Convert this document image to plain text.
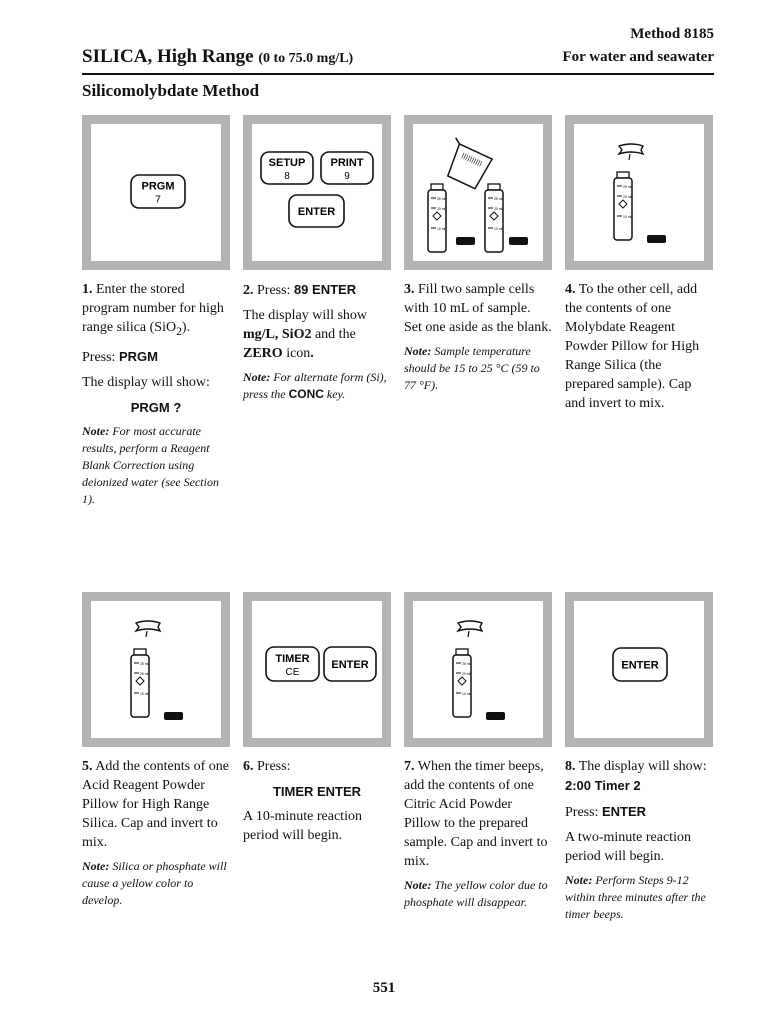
Method 8185
SILICA, High Range (0 to 75.0 mg/L)	For water and seawater
Silicomolybdate Method
PRGM
7

1. Enter the stored program number for high range silica (SiO$_2$).

Press: PRGM

The display will show:

PRGM ?

Note: For most accurate results, perform a Reagent Blank Correction using deionized water (see Section 1).

SETUP
8
PRINT
9
ENTER

2. Press: 89 ENTER

The display will show mg/L, SiO2 and the ZERO icon.

Note: For alternate form (Si), press the CONC key.

25 mL
20 mL
10 mL
25 mL
20 mL
10 mL

3. Fill two sample cells with 10 mL of sample. Set one aside as the blank.

Note: Sample temperature should be 15 to 25 °C (59 to 77 °F).

25 mL
20 mL
10 mL

4. To the other cell, add the contents of one Molybdate Reagent Powder Pillow for High Range Silica (the prepared sample). Cap and invert to mix.

25 mL
20 mL
10 mL

5. Add the contents of one Acid Reagent Powder Pillow for High Range Silica. Cap and invert to mix.

Note: Silica or phosphate will cause a yellow color to develop.

TIMER
CE
ENTER

6. Press:

TIMER ENTER

A 10-minute reaction period will begin.

25 mL
20 mL
10 mL

7. When the timer beeps, add the contents of one Citric Acid Powder Pillow to the prepared sample. Cap and invert to mix.

Note: The yellow color due to phosphate will disappear.

ENTER

8. The display will show: 2:00 Timer 2

Press: ENTER

A two-minute reaction period will begin.

Note: Perform Steps 9-12 within three minutes after the timer beeps.

551
